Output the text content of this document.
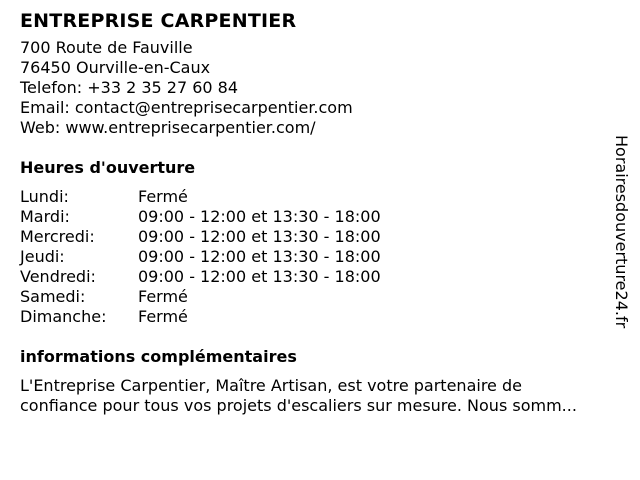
ENTREPRISE CARPENTIER
700 Route de Fauville
76450 Ourville-en-Caux
Telefon: +33 2 35 27 60 84
Email: contact@entreprisecarpentier.com
Web: www.entreprisecarpentier.com/
Heures d'ouverture
Lundi:	Fermé
Mardi:	09:00 - 12:00 et 13:30 - 18:00
Mercredi:	09:00 - 12:00 et 13:30 - 18:00
Jeudi:	09:00 - 12:00 et 13:30 - 18:00
Vendredi:	09:00 - 12:00 et 13:30 - 18:00
Samedi:	Fermé
Dimanche:	Fermé
informations complémentaires
L'Entreprise Carpentier, Maître Artisan, est votre partenaire de
confiance pour tous vos projets d'escaliers sur mesure. Nous somm...
Horairesdouverture24.fr
